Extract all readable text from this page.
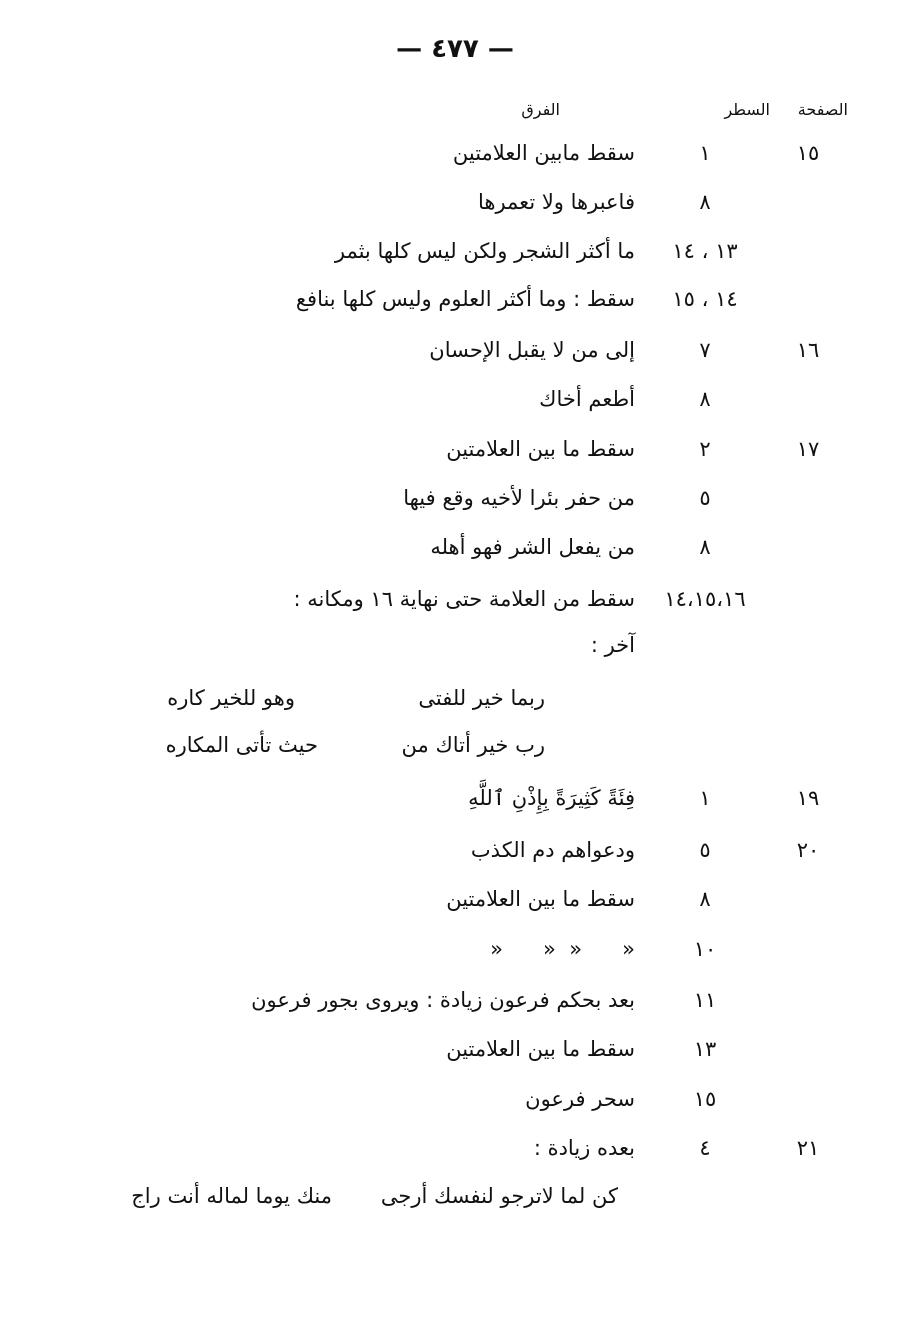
— ٤٧٧ —
الصفحة
السطر
الفرق
١٥
١
سقط مابين العلامتين
٨
فاعبرها ولا تعمرها
١٣ ، ١٤
ما أكثر الشجر ولكن ليس كلها بثمر
١٤ ، ١٥
سقط : وما أكثر العلوم وليس كلها بنافع
١٦
٧
إلى من لا يقبل الإحسان
٨
أطعم أخاك
١٧
٢
سقط ما بين العلامتين
٥
من حفر بئرا لأخيه وقع فيها
٨
من يفعل الشر فهو أهله
١٤،١٥،١٦
سقط من العلامة حتى نهاية ١٦ ومكانه :
آخر :
ربما خير للفتى
وهو للخير كاره
رب خير أتاك من
حيث تأتى المكاره
١٩
١
فِئَةً كَثِيرَةً بِإِذْنِ ٱللَّهِ
٢٠
٥
ودعواهم دم الكذب
٨
سقط ما بين العلامتين
١٠
«      «  «      «
١١
بعد بحكم فرعون زيادة : ويروى بجور فرعون
١٣
سقط ما بين العلامتين
١٥
سحر فرعون
٢١
٤
بعده زيادة :
كن لما لاترجو لنفسك أرجى
منك يوما لماله أنت راج
